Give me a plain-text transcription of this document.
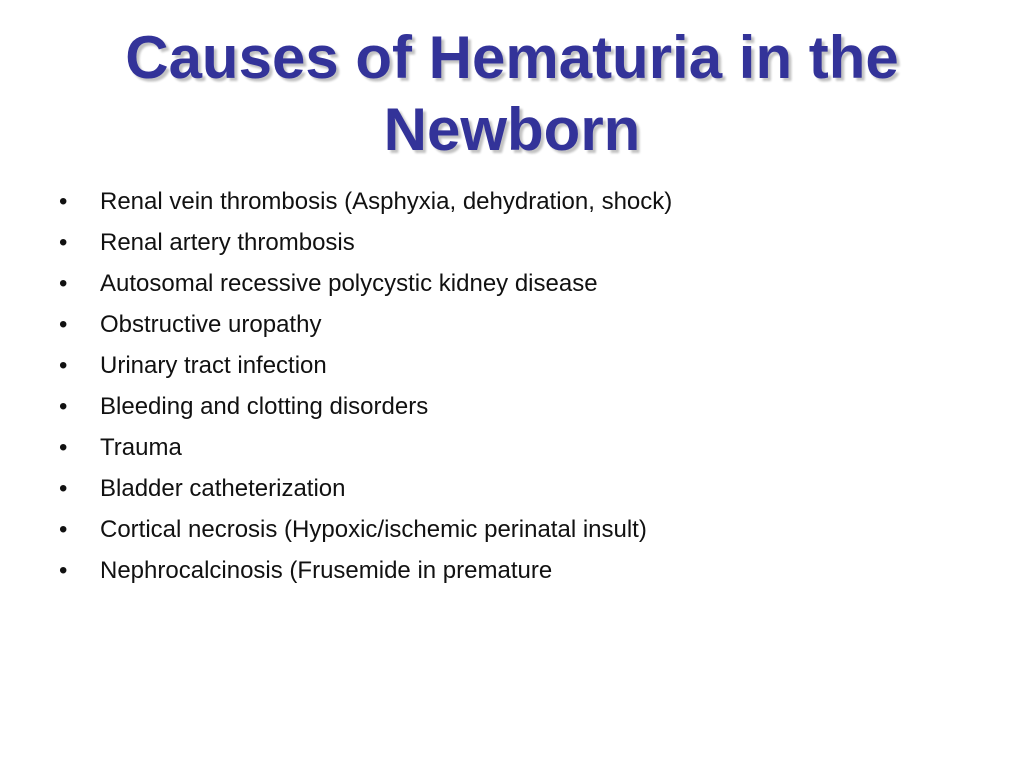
Causes of Hematuria in the Newborn
• Renal vein thrombosis (Asphyxia, dehydration, shock)
• Renal artery thrombosis
• Autosomal recessive polycystic kidney disease
• Obstructive uropathy
• Urinary tract infection
• Bleeding and clotting disorders
• Trauma
• Bladder catheterization
• Cortical necrosis (Hypoxic/ischemic perinatal insult)
• Nephrocalcinosis (Frusemide in premature
